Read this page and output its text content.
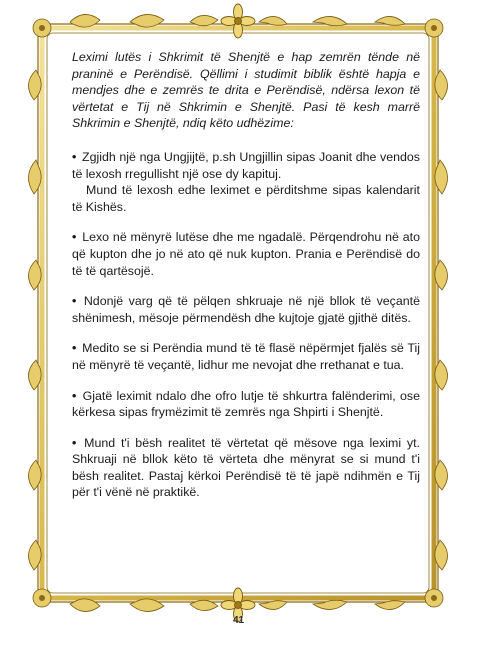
Leximi lutës i Shkrimit të Shenjtë e hap zemrën tënde në praninë e Perëndisë. Qëllimi i studimit biblik është hapja e mendjes dhe e zemrës te drita e Perëndisë, ndërsa lexon të vërtetat e Tij në Shkrimin e Shenjtë. Pasi të kesh marrë Shkrimin e Shenjtë, ndiq këto udhëzime:

• Zgjidh një nga Ungjijtë, p.sh Ungjillin sipas Joanit dhe vendos të lexosh rregullisht një ose dy kapituj.
Mund të lexosh edhe leximet e përditshme sipas kalendarit të Kishës.

• Lexo në mënyrë lutëse dhe me ngadalë. Përqendrohu në ato që kupton dhe jo në ato që nuk kupton. Prania e Perëndisë do të të qartësojë.

• Ndonjë varg që të pëlqen shkruaje në një bllok të veçantë shënimesh, mësoje përmendësh dhe kujtoje gjatë gjithë ditës.

• Medito se si Perëndia mund të të flasë nëpërmjet fjalës së Tij në mënyrë të veçantë, lidhur me nevojat dhe rrethanat e tua.

• Gjatë leximit ndalo dhe ofro lutje të shkurtra falënderimi, ose kërkesa sipas frymëzimit të zemrës nga Shpirti i Shenjtë.

• Mund t'i bësh realitet të vërtetat që mësove nga leximi yt. Shkruaji në bllok këto të vërteta dhe mënyrat se si mund t'i bësh realitet. Pastaj kërkoi Perëndisë të të japë ndihmën e Tij për t'i vënë në praktikë.

41
